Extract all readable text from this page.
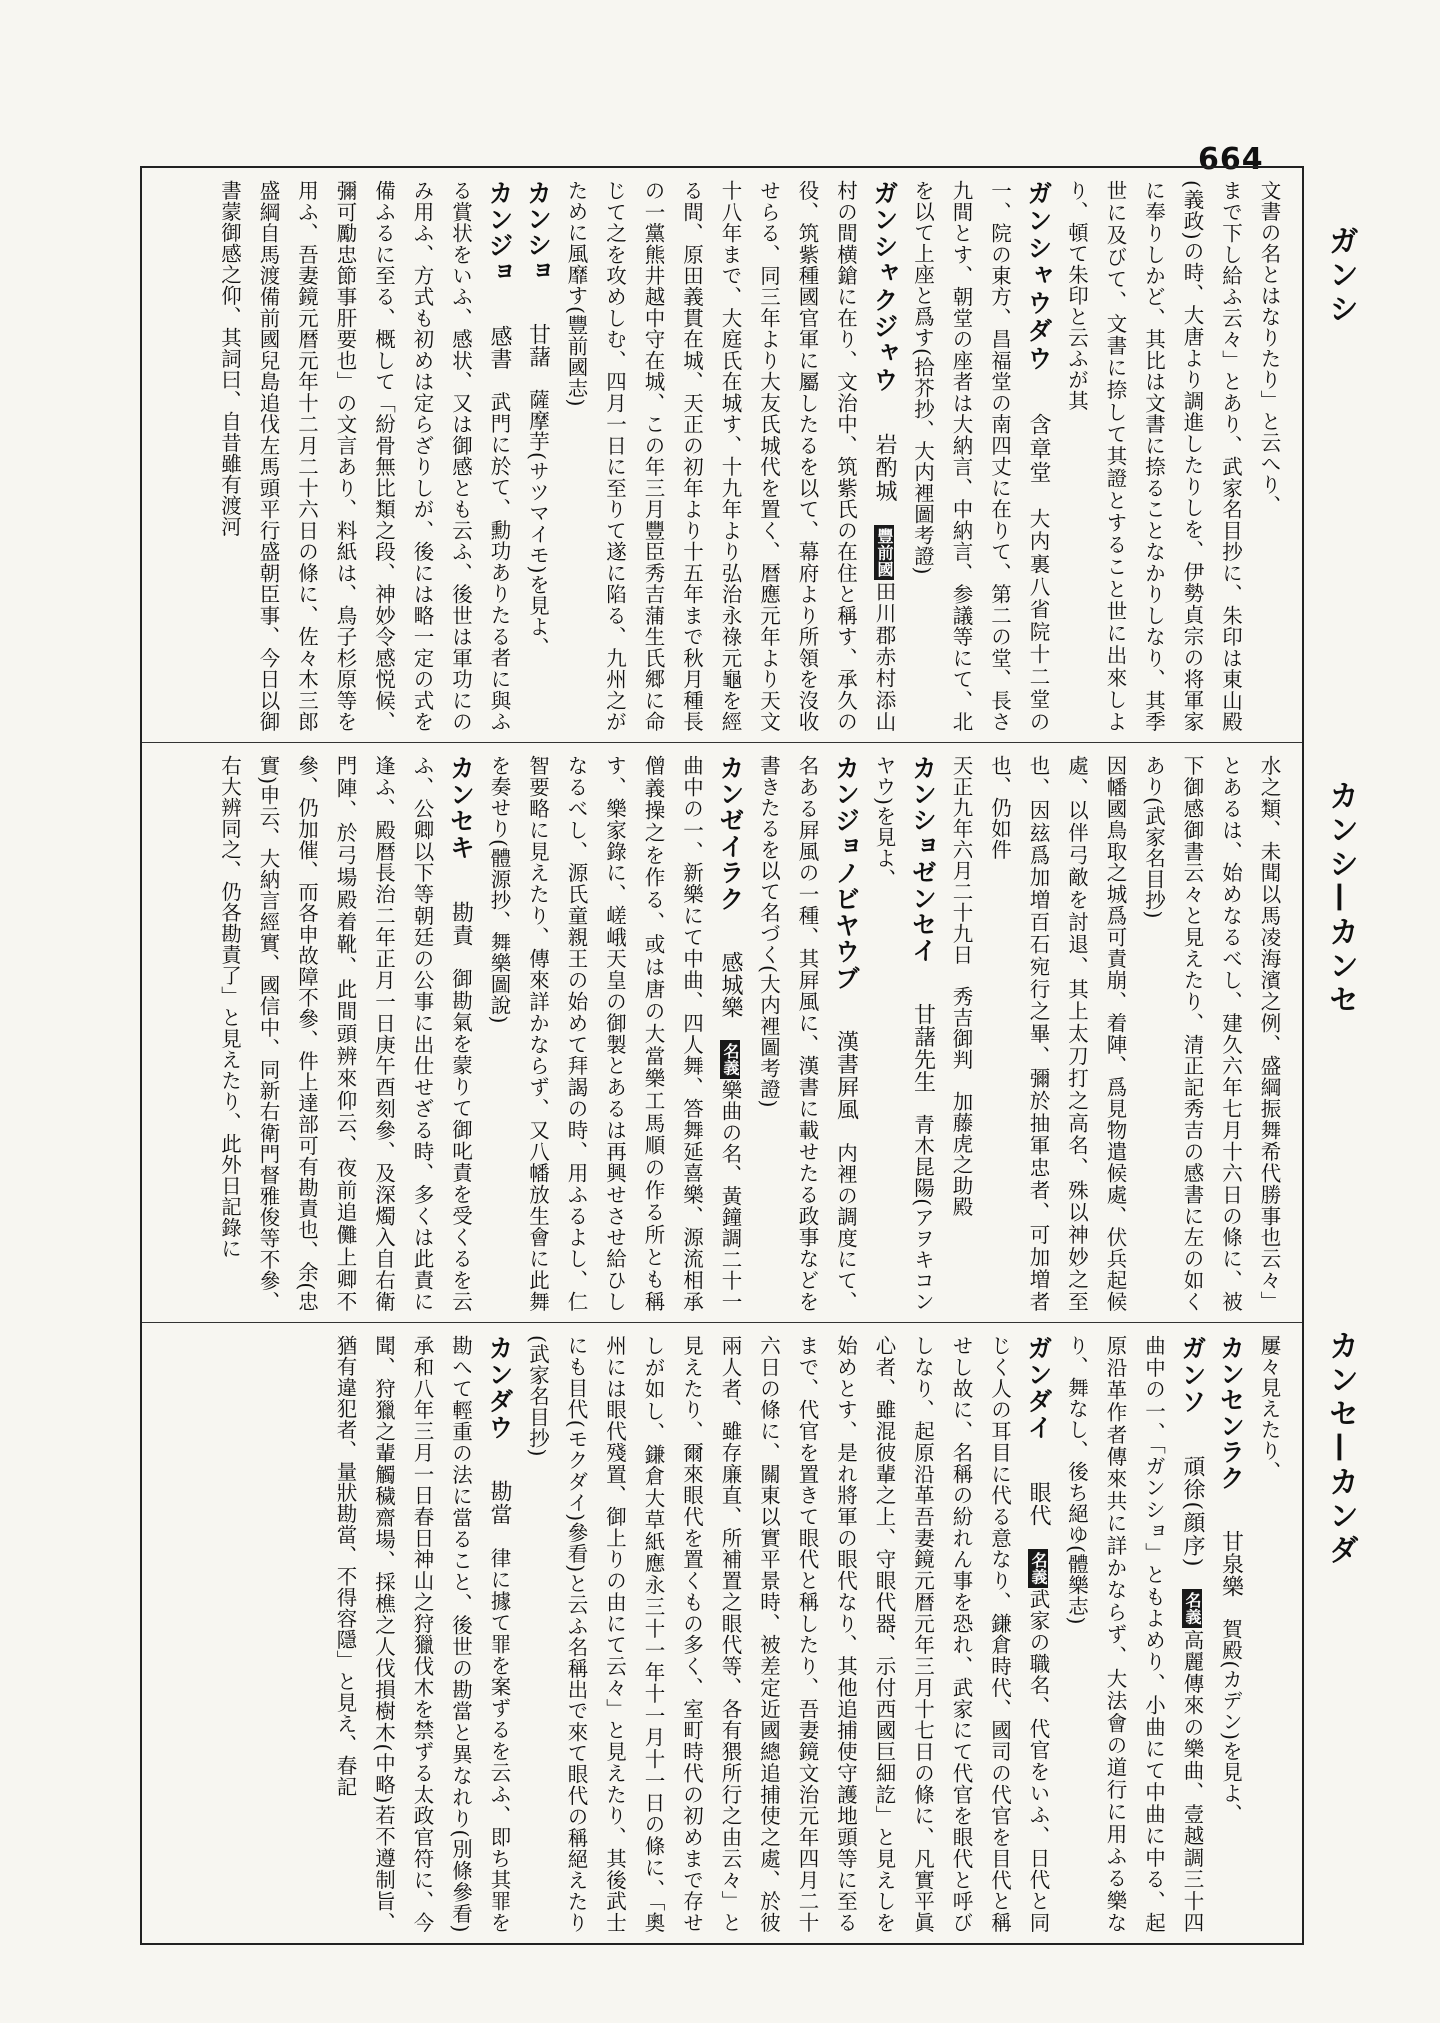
664
ガンシ
カンシ—カンセ
カンセ—カンダ

文書の名とはなりたり」と云へり、

まで下し給ふ云々」とあり、武家名目抄に、朱印は東山殿(義政)の時、大唐より調進したりしを、伊勢貞宗の将軍家に奉りしかど、其比は文書に捺ることなかりしなり、其季世に及びて、文書に捺して其證とすること世に出來しより、頓て朱印と云ふが其

ガンシャウダウ　含章堂　大内裏八省院十二堂の一、院の東方、昌福堂の南四丈に在りて、第二の堂、長さ九間とす、朝堂の座者は大納言、中納言、参議等にて、北を以て上座と爲す(拾芥抄、大内裡圖考證)

ガンシャクジャウ　岩酌城　豐前國田川郡赤村添山村の間横鎗に在り、文治中、筑紫氏の在住と稱す、承久の役、筑紫種國官軍に屬したるを以て、幕府より所領を沒收せらる、同三年より大友氏城代を置く、暦應元年より天文十八年まで、大庭氏在城す、十九年より弘治永祿元龜を經る間、原田義貫在城、天正の初年より十五年まで秋月種長の一黨熊井越中守在城、この年三月豐臣秀吉蒲生氏郷に命じて之を攻めしむ、四月一日に至りて遂に陷る、九州之がために風靡す(豐前國志)

カンショ　甘藷　薩摩芋(サツマイモ)を見よ、

カンジョ　感書　武門に於て、勳功ありたる者に與ふる賞状をいふ、感状、又は御感とも云ふ、後世は軍功にのみ用ふ、方式も初めは定らざりしが、後には略一定の式を備ふるに至る、概して「紛骨無比類之段、神妙令感悦候、彌可勵忠節事肝要也」の文言あり、料紙は、鳥子杉原等を用ふ、吾妻鏡元暦元年十二月二十六日の條に、佐々木三郎盛綱自馬渡備前國兒島追伐左馬頭平行盛朝臣事、今日以御書蒙御感之仰、其詞曰、自昔雖有渡河

水之類、未聞以馬凌海濱之例、盛綱振舞希代勝事也云々」とあるは、始めなるべし、建久六年七月十六日の條に、被下御感御書云々と見えたり、清正記秀吉の感書に左の如くあり(武家名目抄)

因幡國鳥取之城爲可責崩、着陣、爲見物遣候處、伏兵起候處、以伴弓敵を討退、其上太刀打之高名、殊以神妙之至也、因玆爲加増百石宛行之畢、彌於抽軍忠者、可加増者也、仍如件

天正九年六月二十九日　秀吉御判　加藤虎之助殿

カンショゼンセイ　甘藷先生　青木昆陽(アヲキコンヤウ)を見よ、

カンジョノビヤウブ　漢書屛風　内裡の調度にて、名ある屛風の一種、其屛風に、漢書に載せたる政事などを書きたるを以て名づく(大内裡圖考證)

カンゼイラク　感城樂　名義樂曲の名、黃鐘調二十一曲中の一、新樂にて中曲、四人舞、答舞延喜樂、源流相承僧義操之を作る、或は唐の大當樂工馬順の作る所とも稱す、樂家錄に、嵯峨天皇の御製とあるは再興せさせ給ひしなるべし、源氏童親王の始めて拜謁の時、用ふるよし、仁智要略に見えたり、傳來詳かならず、又八幡放生會に此舞を奏せり(體源抄、舞樂圖說)

カンセキ　勘責　御勘氣を蒙りて御叱責を受くるを云ふ、公卿以下等朝廷の公事に出仕せざる時、多くは此責に逢ふ、殿暦長治二年正月一日庚午酉刻參、及深燭入自右衛門陣、於弓場殿着靴、此間頭辨來仰云、夜前追儺上卿不參、仍加催、而各申故障不參、件上達部可有勘責也、余(忠實)申云、大納言經實、國信中、同新右衛門督雅俊等不參、右大辨同之、仍各勘責了」と見えたり、此外日記錄に

屢々見えたり、

カンセンラク　甘泉樂　賀殿(カデン)を見よ、

ガンソ　頑徐(顔序)　名義高麗傳來の樂曲、壹越調三十四曲中の一、「ガンショ」ともよめり、小曲にて中曲に中る、起原沿革作者傳來共に詳かならず、大法會の道行に用ふる樂なり、舞なし、後ち絕ゆ(體樂志)

ガンダイ　眼代　名義武家の職名、代官をいふ、日代と同じく人の耳目に代る意なり、鎌倉時代、國司の代官を目代と稱せし故に、名稱の紛れん事を恐れ、武家にて代官を眼代と呼びしなり、起原沿革吾妻鏡元暦元年三月十七日の條に、凡實平眞心者、雖混彼輩之上、守眼代器、示付西國巨細訖」と見えしを始めとす、是れ將軍の眼代なり、其他追捕使守護地頭等に至るまで、代官を置きて眼代と稱したり、吾妻鏡文治元年四月二十六日の條に、關東以實平景時、被差定近國總追捕使之處、於彼兩人者、雖存廉直、所補置之眼代等、各有猥所行之由云々」と見えたり、爾來眼代を置くもの多く、室町時代の初めまで存せしが如し、鎌倉大草紙應永三十一年十一月十一日の條に、「奧州には眼代殘置、御上りの由にて云々」と見えたり、其後武士にも目代(モクダイ)參看)と云ふ名稱出で來て眼代の稱絕えたり(武家名目抄)

カンダウ　勘當　律に據て罪を案ずるを云ふ、即ち其罪を勘へて輕重の法に當ること、後世の勘當と異なれり(別條參看)承和八年三月一日春日神山之狩獵伐木を禁ずる太政官符に、今聞、狩獵之輩觸穢齋場、採樵之人伐損樹木(中略)若不遵制旨、猶有違犯者、量狀勘當、不得容隱」と見え、春記
